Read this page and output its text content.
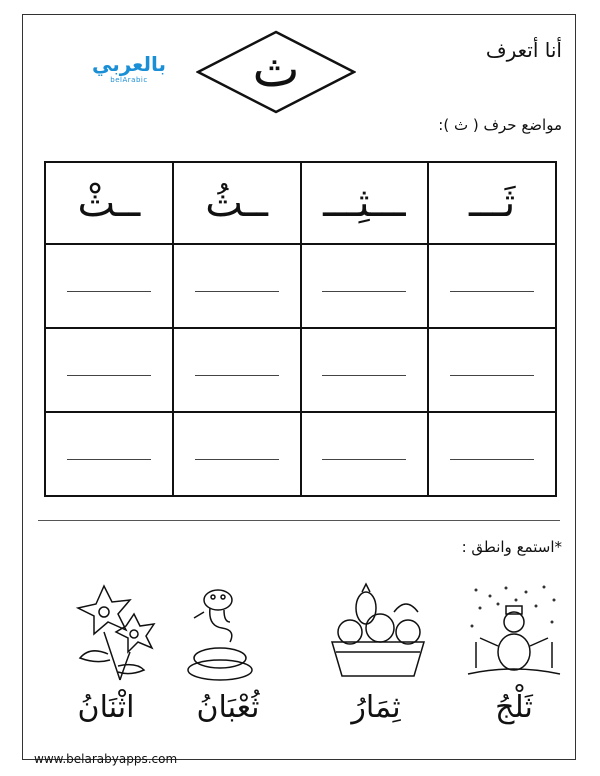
أنا أتعرف
ث
بالعربي
belArabic
مواضع حرف ( ث ):
ثَـــ	ـــثِـــ	ــثُ	ــثْ

*استمع وانطق :
ثَلْجُ
ثِمَارُ
ثُعْبَانُ
اثْنَانُ
www.belarabyapps.com
